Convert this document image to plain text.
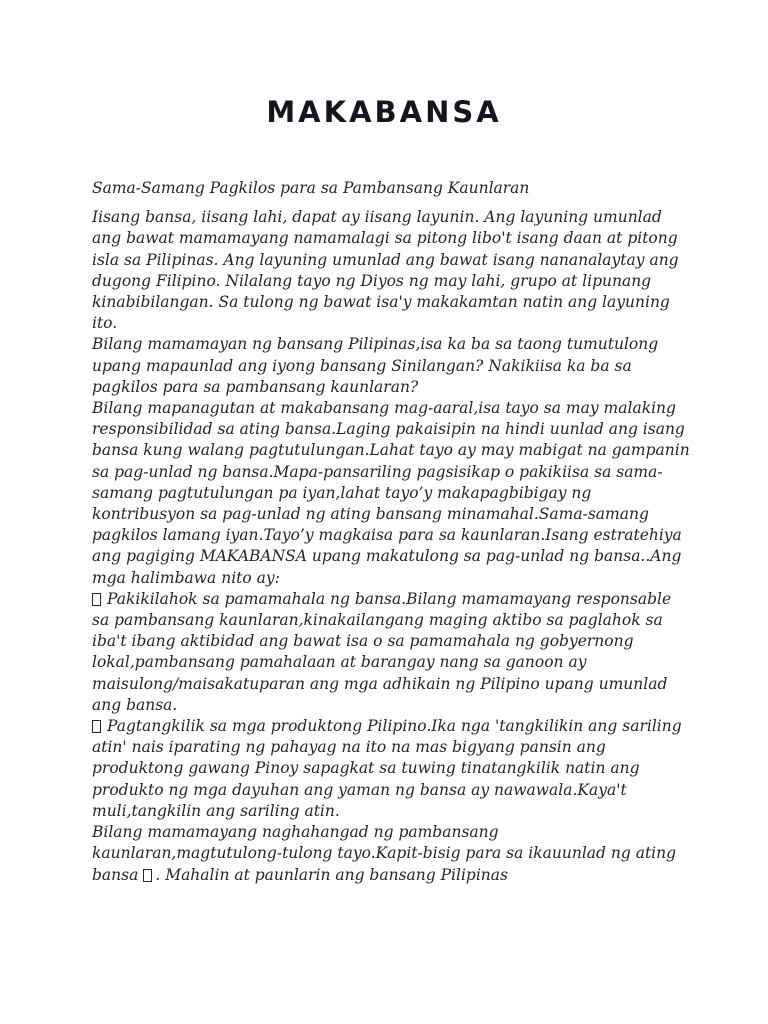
MAKABANSA

Sama-Samang Pagkilos para sa Pambansang Kaunlaran

Iisang bansa, iisang lahi, dapat ay iisang layunin. Ang layuning umunlad ang bawat mamamayang namamalagi sa pitong libo't isang daan at pitong isla sa Pilipinas. Ang layuning umunlad ang bawat isang nananalaytay ang dugong Filipino. Nilalang tayo ng Diyos ng may lahi, grupo at lipunang kinabibilangan. Sa tulong ng bawat isa'y makakamtan natin ang layuning ito.

Bilang mamamayan ng bansang Pilipinas,isa ka ba sa taong tumutulong upang mapaunlad ang iyong bansang Sinilangan? Nakikiisa ka ba sa pagkilos para sa pambansang kaunlaran?

Bilang mapanagutan at makabansang mag-aaral,isa tayo sa may malaking responsibilidad sa ating bansa.Laging pakaisipin na hindi uunlad ang isang bansa kung walang pagtutulungan.Lahat tayo ay may mabigat na gampanin sa pag-unlad ng bansa.Mapa-pansariling pagsisikap o pakikiisa sa sama-samang pagtutulungan pa iyan,lahat tayo’y makapagbibigay ng kontribusyon sa pag-unlad ng ating bansang minamahal.Sama-samang pagkilos lamang iyan.Tayo’y magkaisa para sa kaunlaran.Isang estratehiya ang pagiging MAKABANSA upang makatulong sa pag-unlad ng bansa..Ang mga halimbawa nito ay:

Pakikilahok sa pamamahala ng bansa.Bilang mamamayang responsable sa pambansang kaunlaran,kinakailangang maging aktibo sa paglahok sa iba't ibang aktibidad ang bawat isa o sa pamamahala ng gobyernong lokal,pambansang pamahalaan at barangay nang sa ganoon ay maisulong/maisakatuparan ang mga adhikain ng Pilipino upang umunlad ang bansa.

Pagtangkilik sa mga produktong Pilipino.Ika nga 'tangkilikin ang sariling atin' nais iparating ng pahayag na ito na mas bigyang pansin ang produktong gawang Pinoy sapagkat sa tuwing tinatangkilik natin ang produkto ng mga dayuhan ang yaman ng bansa ay nawawala.Kaya't muli,tangkilin ang sariling atin.

Bilang mamamayang naghahangad ng pambansang kaunlaran,magtutulong-tulong tayo.Kapit-bisig para sa ikauunlad ng ating bansa . Mahalin at paunlarin ang bansang Pilipinas
